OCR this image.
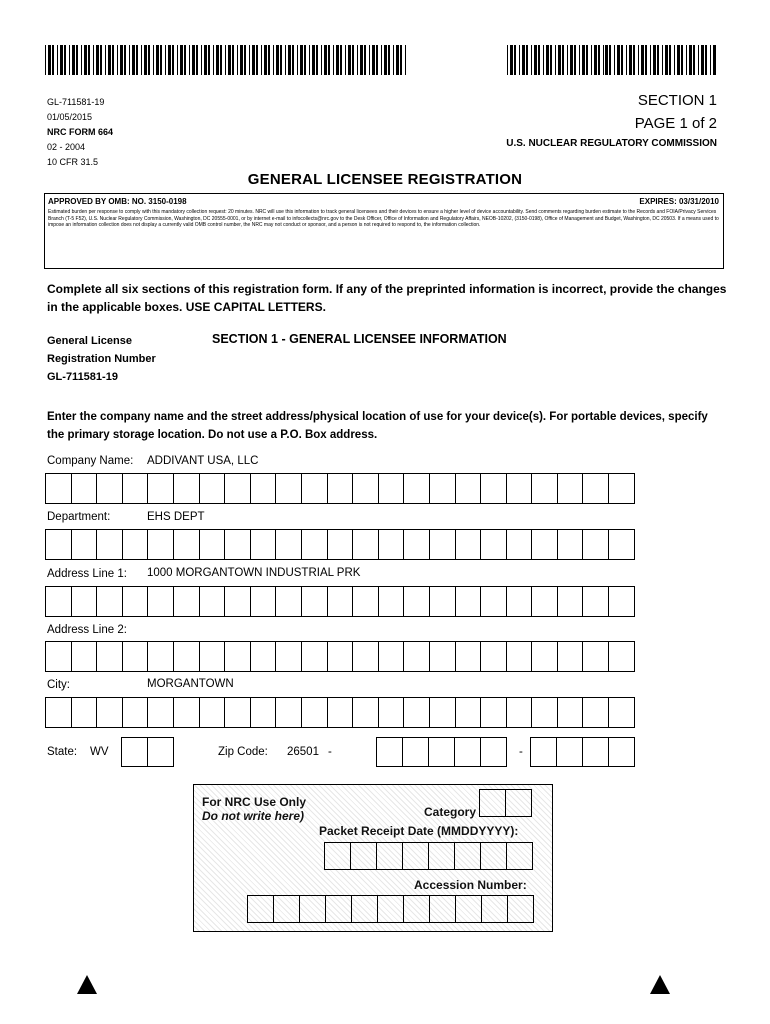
GL-711581-19
01/05/2015
NRC FORM 664
02 - 2004
10 CFR 31.5
SECTION 1
PAGE 1 of 2
U.S. NUCLEAR REGULATORY COMMISSION
GENERAL LICENSEE REGISTRATION
APPROVED BY OMB: NO. 3150-0198	EXPIRES: 03/31/2010
Estimated burden per response to comply with this mandatory collection request: 20 minutes. NRC will use this information to track general licensees and their devices to ensure a higher level of device accountability. Send comments regarding burden estimate to the Records and FOIA/Privacy Services Branch (T-5 F52), U.S. Nuclear Regulatory Commission, Washington, DC 20555-0001, or by internet e-mail to infocollects@nrc.gov to the Desk Officer, Office of Information and Regulatory Affairs, NEOB-10202, (3150-0198), Office of Management and Budget, Washington, DC 20503. If a means used to impose an information collection does not display a currently valid OMB control number, the NRC may not conduct or sponsor, and a person is not required to respond to, the information collection.
Complete all six sections of this registration form. If any of the preprinted information is incorrect, provide the changes in the applicable boxes. USE CAPITAL LETTERS.
General License
Registration Number
GL-711581-19
SECTION 1 - GENERAL LICENSEE INFORMATION
Enter the company name and the street address/physical location of use for your device(s). For portable devices, specify the primary storage location. Do not use a P.O. Box address.
Company Name: ADDIVANT USA, LLC
Department:	EHS DEPT
Address Line 1: 1000 MORGANTOWN INDUSTRIAL PRK
Address Line 2:
City:	MORGANTOWN
State: WV	Zip Code: 26501 -	-
For NRC Use Only
Do not write here)	Category
Packet Receipt Date (MMDDYYYY):
Accession Number:
